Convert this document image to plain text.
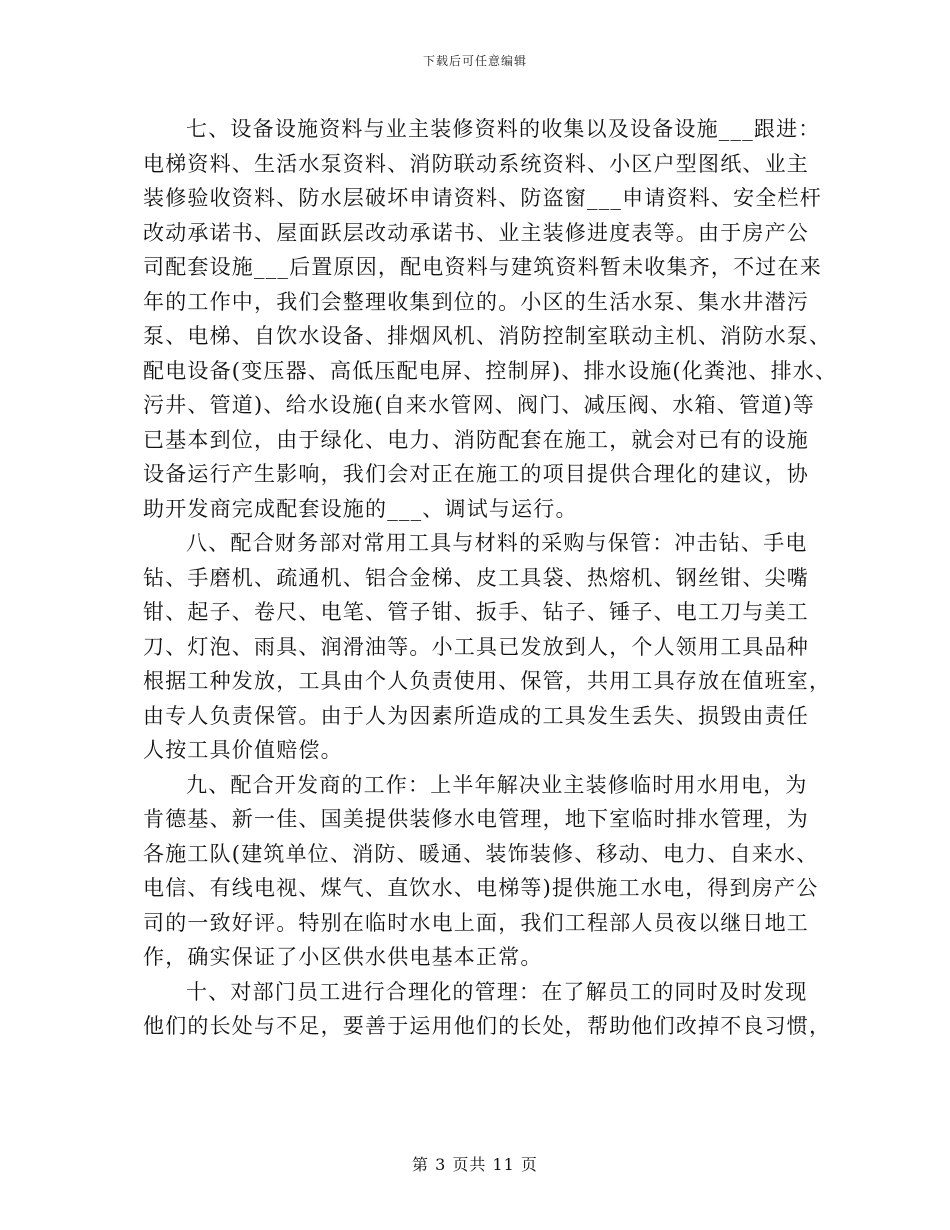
下载后可任意编辑

七、设备设施资料与业主装修资料的收集以及设备设施___跟进：
电梯资料、生活水泵资料、消防联动系统资料、小区户型图纸、业主
装修验收资料、防水层破坏申请资料、防盗窗___申请资料、安全栏杆
改动承诺书、屋面跃层改动承诺书、业主装修进度表等。由于房产公
司配套设施___后置原因，配电资料与建筑资料暂未收集齐，不过在来
年的工作中，我们会整理收集到位的。小区的生活水泵、集水井潜污
泵、电梯、自饮水设备、排烟风机、消防控制室联动主机、消防水泵、
配电设备(变压器、高低压配电屏、控制屏)、排水设施(化粪池、排水、
污井、管道)、给水设施(自来水管网、阀门、减压阀、水箱、管道)等
已基本到位，由于绿化、电力、消防配套在施工，就会对已有的设施
设备运行产生影响，我们会对正在施工的项目提供合理化的建议，协
助开发商完成配套设施的___、调试与运行。

八、配合财务部对常用工具与材料的采购与保管：冲击钻、手电
钻、手磨机、疏通机、铝合金梯、皮工具袋、热熔机、钢丝钳、尖嘴
钳、起子、卷尺、电笔、管子钳、扳手、钻子、锤子、电工刀与美工
刀、灯泡、雨具、润滑油等。小工具已发放到人，个人领用工具品种
根据工种发放，工具由个人负责使用、保管，共用工具存放在值班室，
由专人负责保管。由于人为因素所造成的工具发生丢失、损毁由责任
人按工具价值赔偿。

九、配合开发商的工作：上半年解决业主装修临时用水用电，为
肯德基、新一佳、国美提供装修水电管理，地下室临时排水管理，为
各施工队(建筑单位、消防、暖通、装饰装修、移动、电力、自来水、
电信、有线电视、煤气、直饮水、电梯等)提供施工水电，得到房产公
司的一致好评。特别在临时水电上面，我们工程部人员夜以继日地工
作，确实保证了小区供水供电基本正常。

十、对部门员工进行合理化的管理：在了解员工的同时及时发现
他们的长处与不足，要善于运用他们的长处，帮助他们改掉不良习惯，

第 3 页共 11 页
